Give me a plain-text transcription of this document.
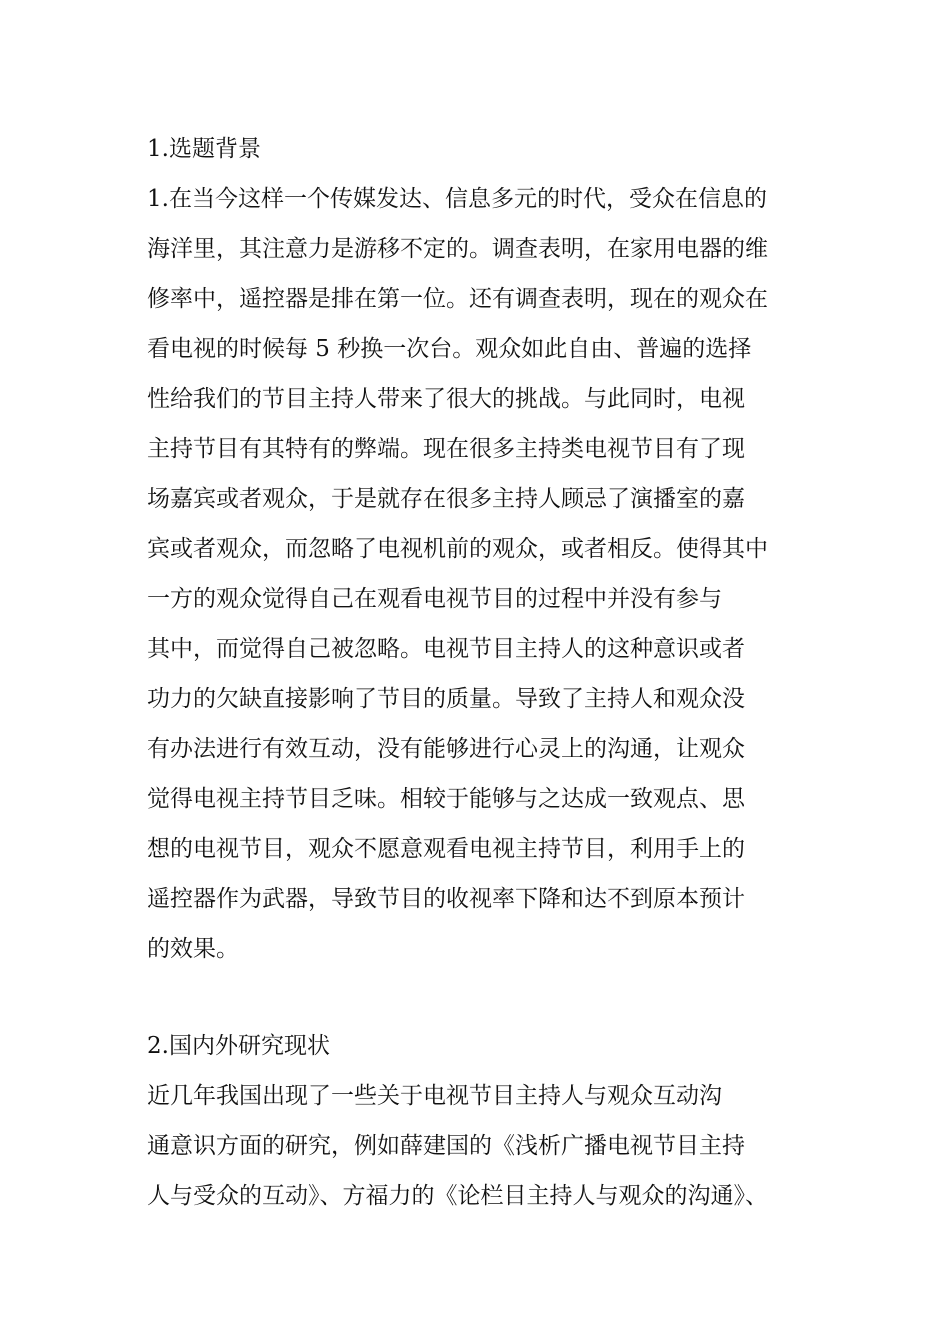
1.选题背景
1.在当今这样一个传媒发达、信息多元的时代，受众在信息的
海洋里，其注意力是游移不定的。调查表明，在家用电器的维
修率中，遥控器是排在第一位。还有调查表明，现在的观众在
看电视的时候每 5 秒换一次台。观众如此自由、普遍的选择
性给我们的节目主持人带来了很大的挑战。与此同时，电视
主持节目有其特有的弊端。现在很多主持类电视节目有了现
场嘉宾或者观众，于是就存在很多主持人顾忌了演播室的嘉
宾或者观众，而忽略了电视机前的观众，或者相反。使得其中
一方的观众觉得自己在观看电视节目的过程中并没有参与
其中，而觉得自己被忽略。电视节目主持人的这种意识或者
功力的欠缺直接影响了节目的质量。导致了主持人和观众没
有办法进行有效互动，没有能够进行心灵上的沟通，让观众
觉得电视主持节目乏味。相较于能够与之达成一致观点、思
想的电视节目，观众不愿意观看电视主持节目，利用手上的
遥控器作为武器，导致节目的收视率下降和达不到原本预计
的效果。
2.国内外研究现状
近几年我国出现了一些关于电视节目主持人与观众互动沟
通意识方面的研究，例如薛建国的《浅析广播电视节目主持
人与受众的互动》、方福力的《论栏目主持人与观众的沟通》、
